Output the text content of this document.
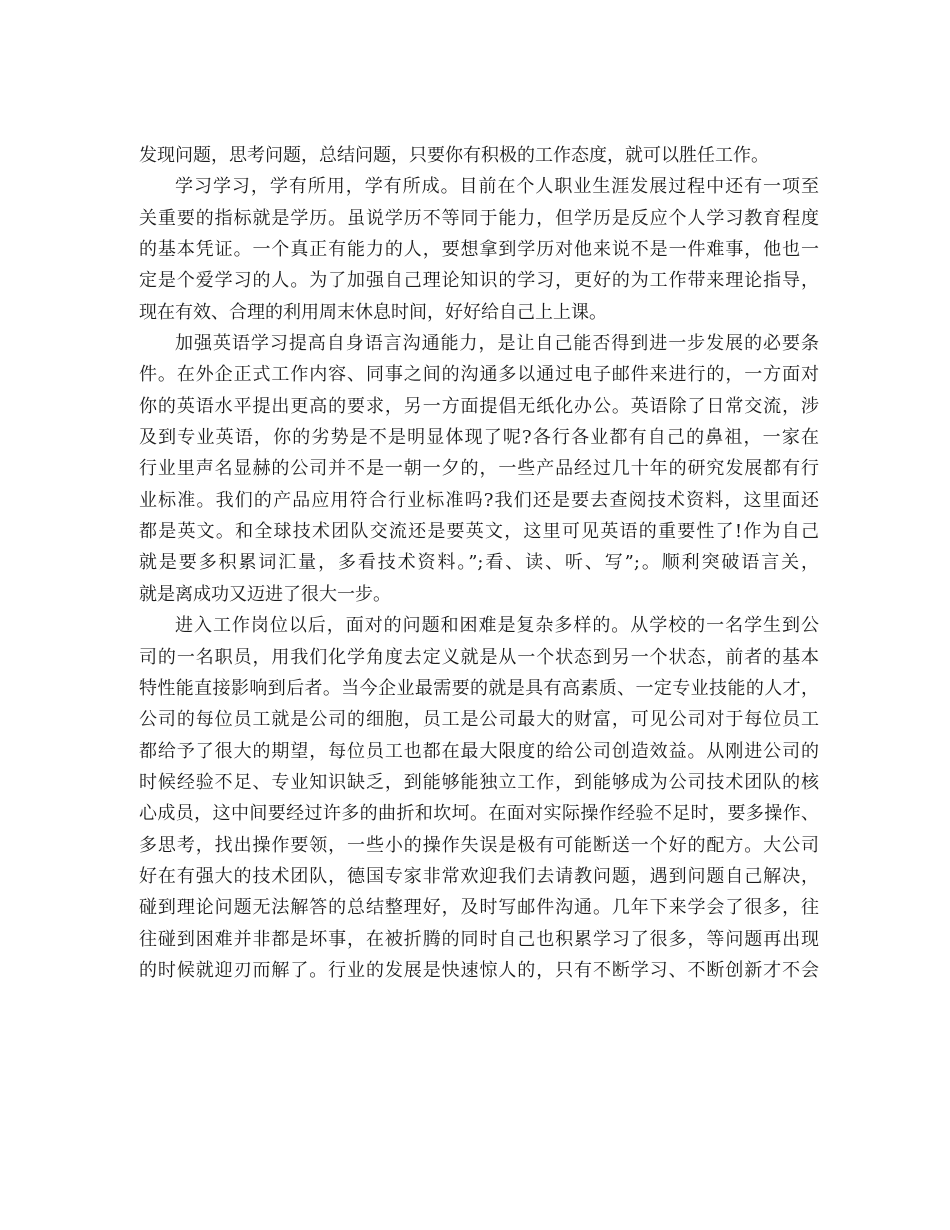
发现问题，思考问题，总结问题，只要你有积极的工作态度，就可以胜任工作。
学习学习，学有所用，学有所成。目前在个人职业生涯发展过程中还有一项至
关重要的指标就是学历。虽说学历不等同于能力，但学历是反应个人学习教育程度
的基本凭证。一个真正有能力的人，要想拿到学历对他来说不是一件难事，他也一
定是个爱学习的人。为了加强自己理论知识的学习，更好的为工作带来理论指导，
现在有效、合理的利用周末休息时间，好好给自己上上课。
加强英语学习提高自身语言沟通能力，是让自己能否得到进一步发展的必要条
件。在外企正式工作内容、同事之间的沟通多以通过电子邮件来进行的，一方面对
你的英语水平提出更高的要求，另一方面提倡无纸化办公。英语除了日常交流，涉
及到专业英语，你的劣势是不是明显体现了呢?各行各业都有自己的鼻祖，一家在
行业里声名显赫的公司并不是一朝一夕的，一些产品经过几十年的研究发展都有行
业标准。我们的产品应用符合行业标准吗?我们还是要去查阅技术资料，这里面还
都是英文。和全球技术团队交流还是要英文，这里可见英语的重要性了!作为自己
就是要多积累词汇量，多看技术资料。”;看、读、听、写”;。顺利突破语言关，
就是离成功又迈进了很大一步。
进入工作岗位以后，面对的问题和困难是复杂多样的。从学校的一名学生到公
司的一名职员，用我们化学角度去定义就是从一个状态到另一个状态，前者的基本
特性能直接影响到后者。当今企业最需要的就是具有高素质、一定专业技能的人才，
公司的每位员工就是公司的细胞，员工是公司最大的财富，可见公司对于每位员工
都给予了很大的期望，每位员工也都在最大限度的给公司创造效益。从刚进公司的
时候经验不足、专业知识缺乏，到能够能独立工作，到能够成为公司技术团队的核
心成员，这中间要经过许多的曲折和坎坷。在面对实际操作经验不足时，要多操作、
多思考，找出操作要领，一些小的操作失误是极有可能断送一个好的配方。大公司
好在有强大的技术团队，德国专家非常欢迎我们去请教问题，遇到问题自己解决，
碰到理论问题无法解答的总结整理好，及时写邮件沟通。几年下来学会了很多，往
往碰到困难并非都是坏事，在被折腾的同时自己也积累学习了很多，等问题再出现
的时候就迎刃而解了。行业的发展是快速惊人的，只有不断学习、不断创新才不会
